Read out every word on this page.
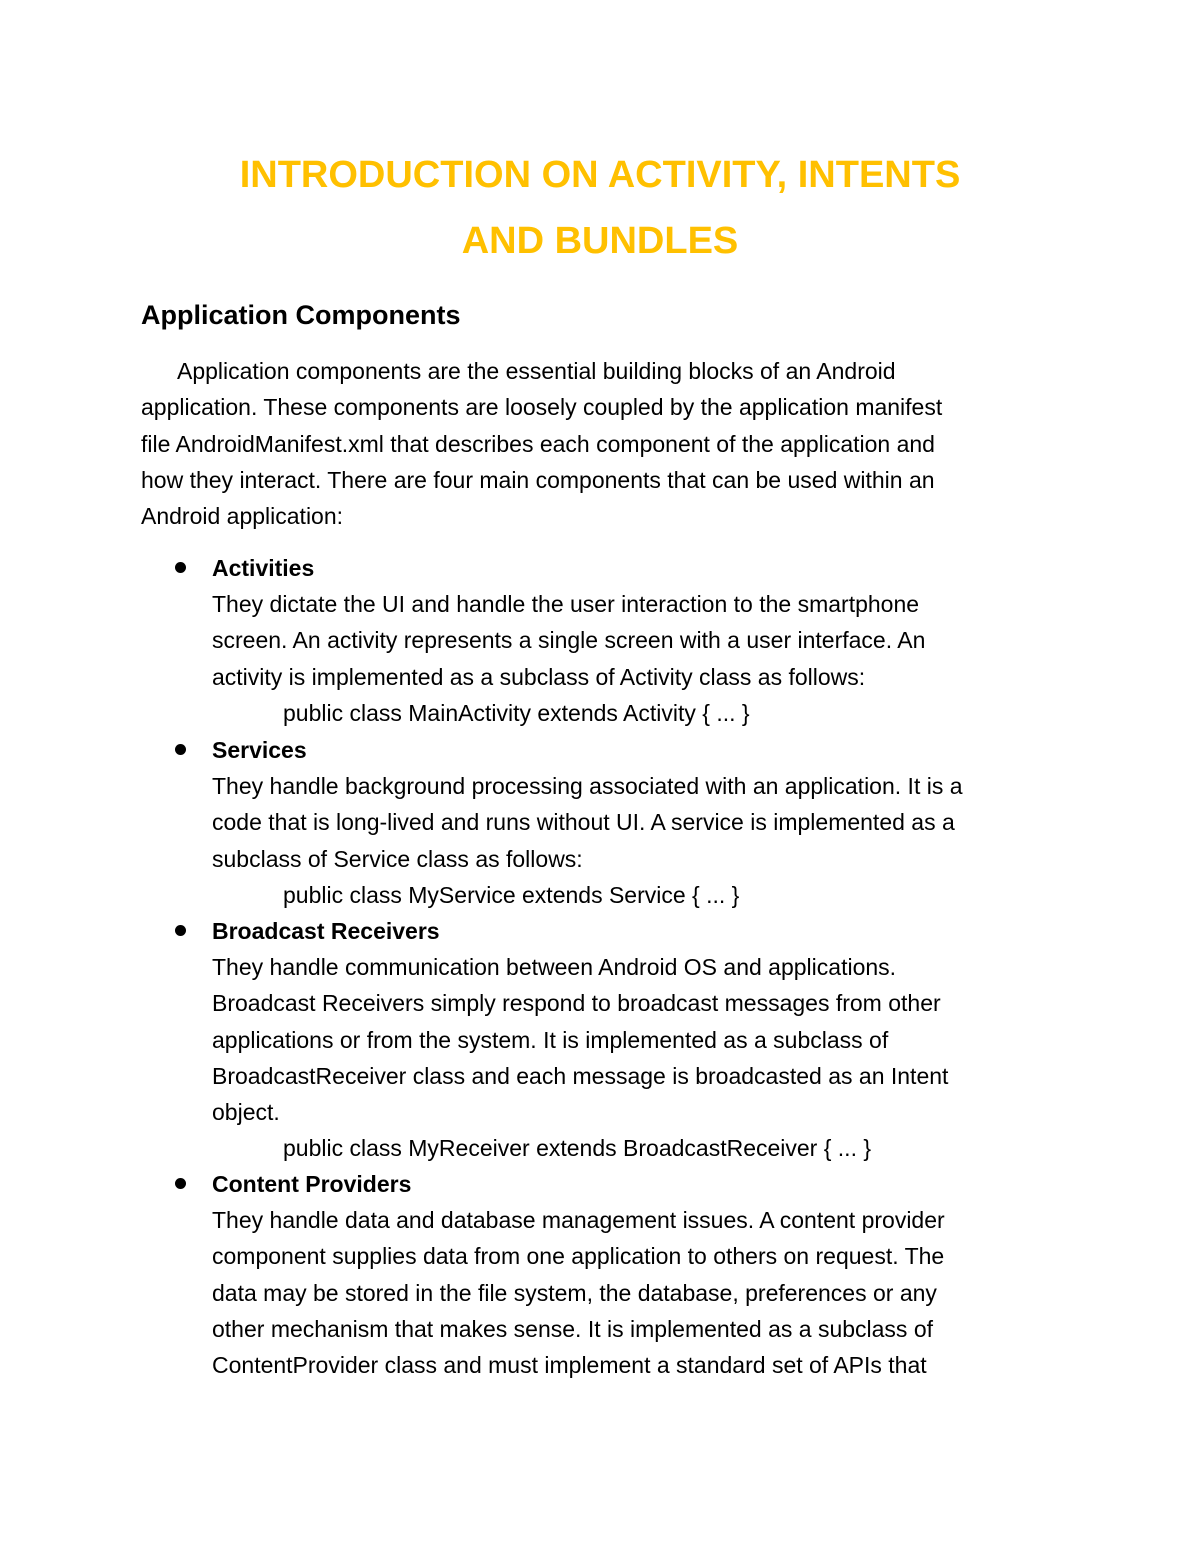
INTRODUCTION ON ACTIVITY, INTENTS
AND BUNDLES
Application Components
Application components are the essential building blocks of an Android
application. These components are loosely coupled by the application manifest
file AndroidManifest.xml that describes each component of the application and
how they interact. There are four main components that can be used within an
Android application:
Activities
They dictate the UI and handle the user interaction to the smartphone
screen. An activity represents a single screen with a user interface. An
activity is implemented as a subclass of Activity class as follows:
public class MainActivity extends Activity { ... }
Services
They handle background processing associated with an application. It is a
code that is long-lived and runs without UI. A service is implemented as a
subclass of Service class as follows:
public class MyService extends Service { ... }
Broadcast Receivers
They handle communication between Android OS and applications.
Broadcast Receivers simply respond to broadcast messages from other
applications or from the system. It is implemented as a subclass of
BroadcastReceiver class and each message is broadcasted as an Intent
object.
public class MyReceiver extends BroadcastReceiver { ... }
Content Providers
They handle data and database management issues. A content provider
component supplies data from one application to others on request. The
data may be stored in the file system, the database, preferences or any
other mechanism that makes sense. It is implemented as a subclass of
ContentProvider class and must implement a standard set of APIs that
